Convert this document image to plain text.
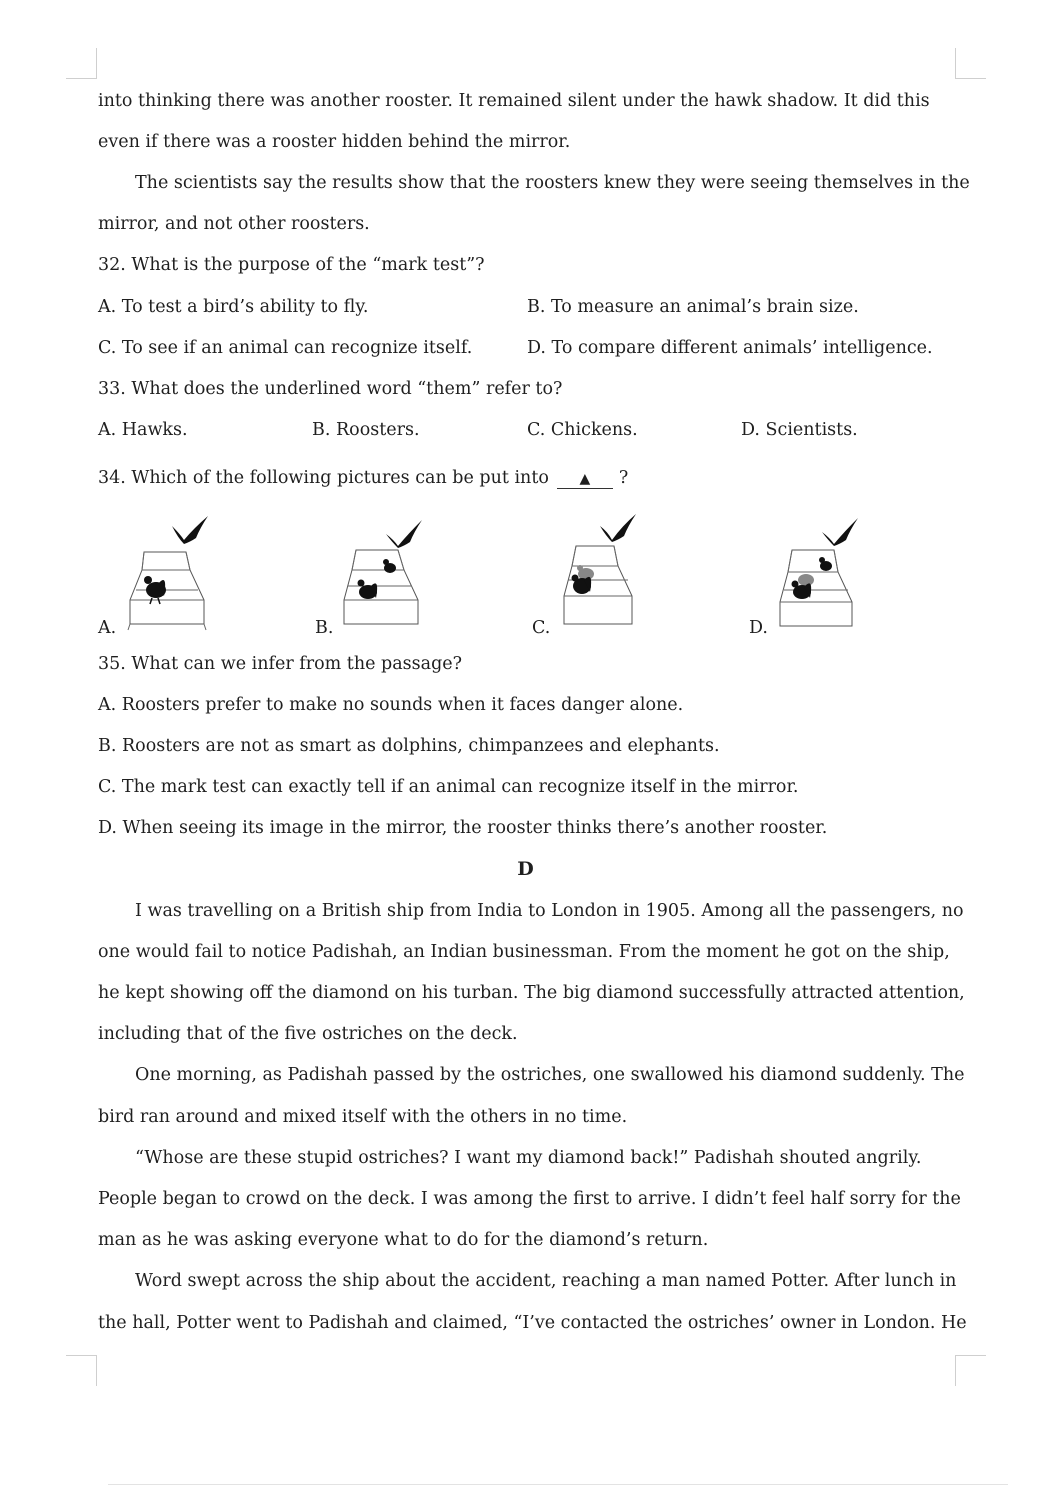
into thinking there was another rooster. It remained silent under the hawk shadow. It did this
even if there was a rooster hidden behind the mirror.
The scientists say the results show that the roosters knew they were seeing themselves in the
mirror, and not other roosters.
32. What is the purpose of the “mark test”?
A. To test a bird’s ability to fly.	B. To measure an animal’s brain size.
C. To see if an animal can recognize itself.	D. To compare different animals’ intelligence.
33. What does the underlined word “them” refer to?
A. Hawks.	B. Roosters.	C. Chickens.	D. Scientists.
34. Which of the following pictures can be put into ▲ ?
A.	B.	C.	D.
35. What can we infer from the passage?
A. Roosters prefer to make no sounds when it faces danger alone.
B. Roosters are not as smart as dolphins, chimpanzees and elephants.
C. The mark test can exactly tell if an animal can recognize itself in the mirror.
D. When seeing its image in the mirror, the rooster thinks there’s another rooster.
D
I was travelling on a British ship from India to London in 1905. Among all the passengers, no
one would fail to notice Padishah, an Indian businessman. From the moment he got on the ship,
he kept showing off the diamond on his turban. The big diamond successfully attracted attention,
including that of the five ostriches on the deck.
One morning, as Padishah passed by the ostriches, one swallowed his diamond suddenly. The
bird ran around and mixed itself with the others in no time.
“Whose are these stupid ostriches? I want my diamond back!” Padishah shouted angrily.
People began to crowd on the deck. I was among the first to arrive. I didn’t feel half sorry for the
man as he was asking everyone what to do for the diamond’s return.
Word swept across the ship about the accident, reaching a man named Potter. After lunch in
the hall, Potter went to Padishah and claimed, “I’ve contacted the ostriches’ owner in London. He
